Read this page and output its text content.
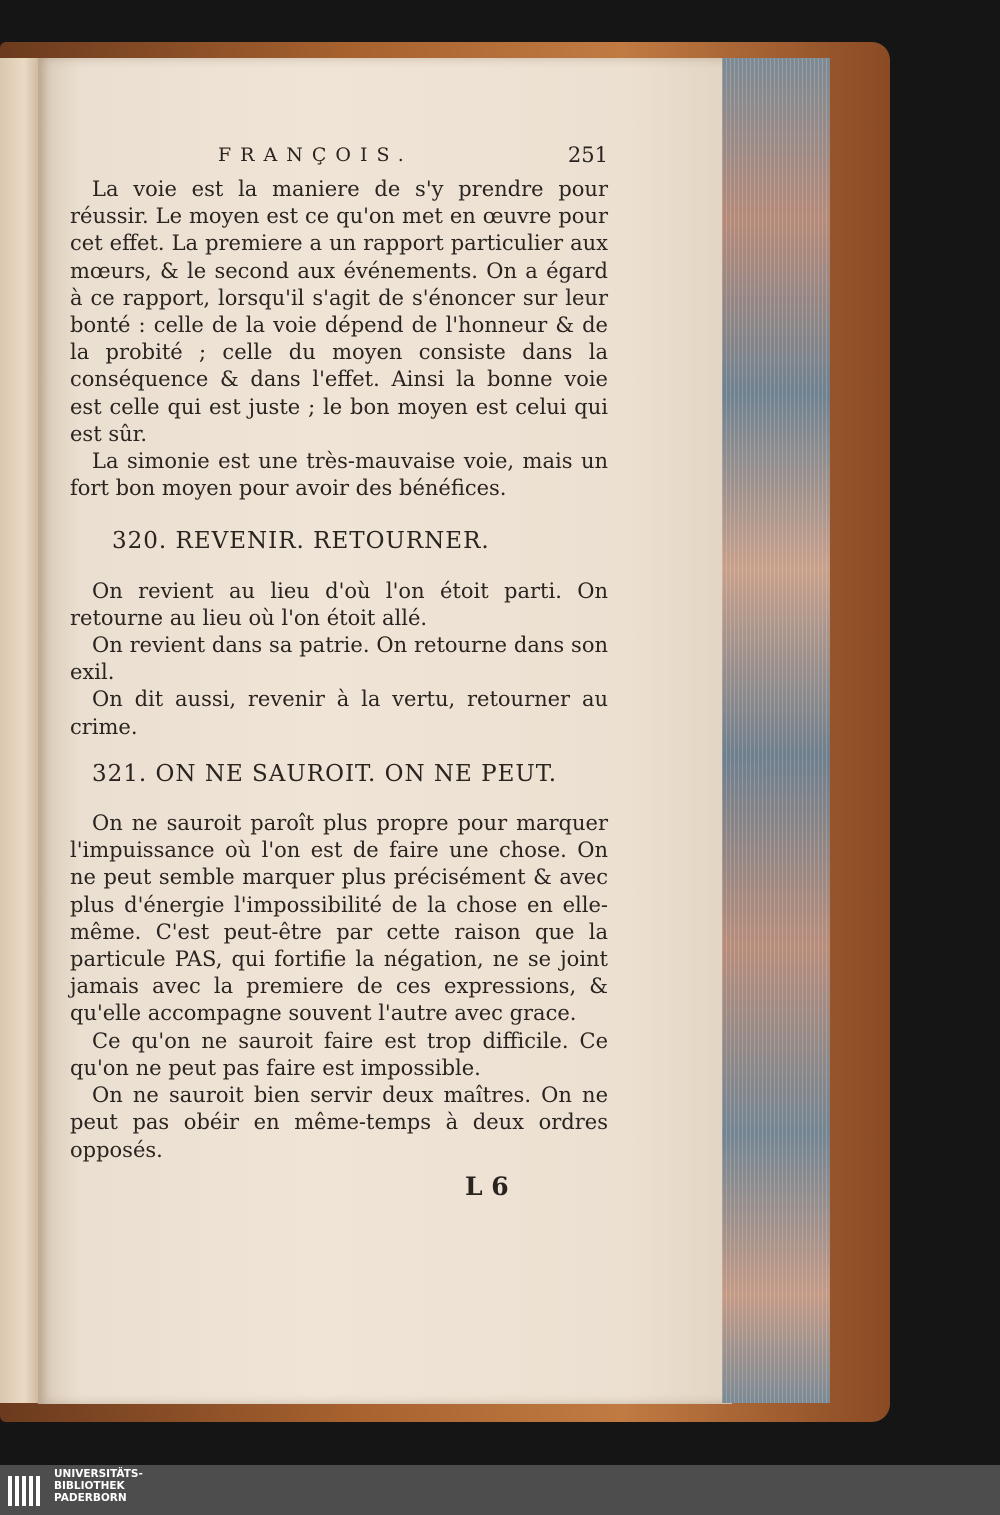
FRANÇOIS.	251

La voie est la maniere de s'y prendre pour réussir. Le moyen est ce qu'on met en œuvre pour cet effet. La premiere a un rapport particulier aux mœurs, & le second aux événements. On a égard à ce rapport, lorsqu'il s'agit de s'énoncer sur leur bonté : celle de la voie dépend de l'honneur & de la probité ; celle du moyen consiste dans la conséquence & dans l'effet. Ainsi la bonne voie est celle qui est juste ; le bon moyen est celui qui est sûr.

La simonie est une très-mauvaise voie, mais un fort bon moyen pour avoir des bénéfices.

320. REVENIR. RETOURNER.

On revient au lieu d'où l'on étoit parti. On retourne au lieu où l'on étoit allé.

On revient dans sa patrie. On retourne dans son exil.

On dit aussi, revenir à la vertu, retourner au crime.

321. ON NE SAUROIT. ON NE PEUT.

On ne sauroit paroît plus propre pour marquer l'impuissance où l'on est de faire une chose. On ne peut semble marquer plus précisément & avec plus d'énergie l'impossibilité de la chose en elle-même. C'est peut-être par cette raison que la particule PAS, qui fortifie la négation, ne se joint jamais avec la premiere de ces expressions, & qu'elle accompagne souvent l'autre avec grace.

Ce qu'on ne sauroit faire est trop difficile. Ce qu'on ne peut pas faire est impossible.

On ne sauroit bien servir deux maîtres. On ne peut pas obéir en même-temps à deux ordres opposés.

L 6
UNIVERSITÄTS-
BIBLIOTHEK
PADERBORN
